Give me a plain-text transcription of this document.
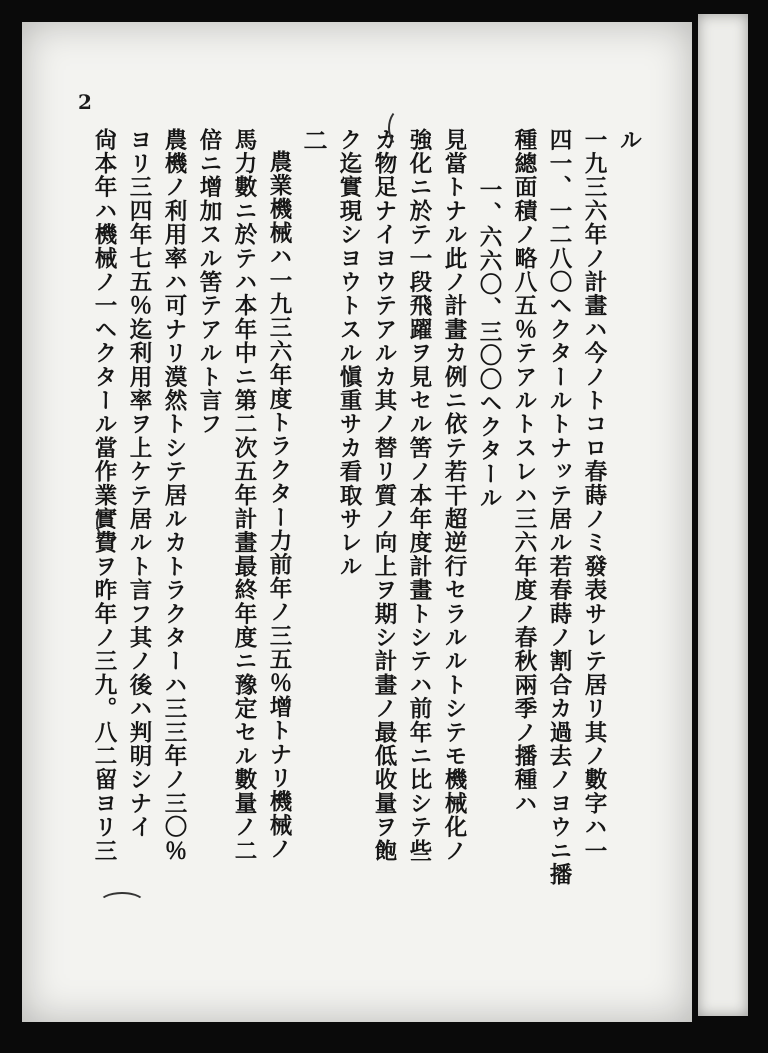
2
ル
一九三六年ノ計畫ハ今ノトコロ春蒔ノミ發表サレテ居リ其ノ數字ハ一
四一、一二八〇ヘクタールトナッテ居ル若春蒔ノ割合カ過去ノヨウニ播
種總面積ノ略八五％テアルトスレハ三六年度ノ春秋兩季ノ播種ハ
一、六六〇、三〇〇ヘクタール
見當トナル此ノ計畫カ例ニ依テ若干超逆行セラルルトシテモ機械化ノ
強化ニ於テ一段飛躍ヲ見セル筈ノ本年度計畫トシテハ前年ニ比シテ些
カ物足ナイヨウテアルカ其ノ替リ質ノ向上ヲ期シ計畫ノ最低收量ヲ飽
ク迄實現シヨウトスル愼重サカ看取サレル
二
農業機械ハ一九三六年度トラクター力前年ノ三五％增トナリ機械ノ
馬力數ニ於テハ本年中ニ第二次五年計畫最終年度ニ豫定セル數量ノ二
倍ニ增加スル筈テアルト言フ
農機ノ利用率ハ可ナリ漠然トシテ居ルカトラクターハ三三年ノ三〇％
ヨリ三四年七五％迄利用率ヲ上ケテ居ルト言フ其ノ後ハ判明シナイ
尙本年ハ機械ノ一ヘクタール當作業實費ヲ昨年ノ三九。八二留ヨリ三
